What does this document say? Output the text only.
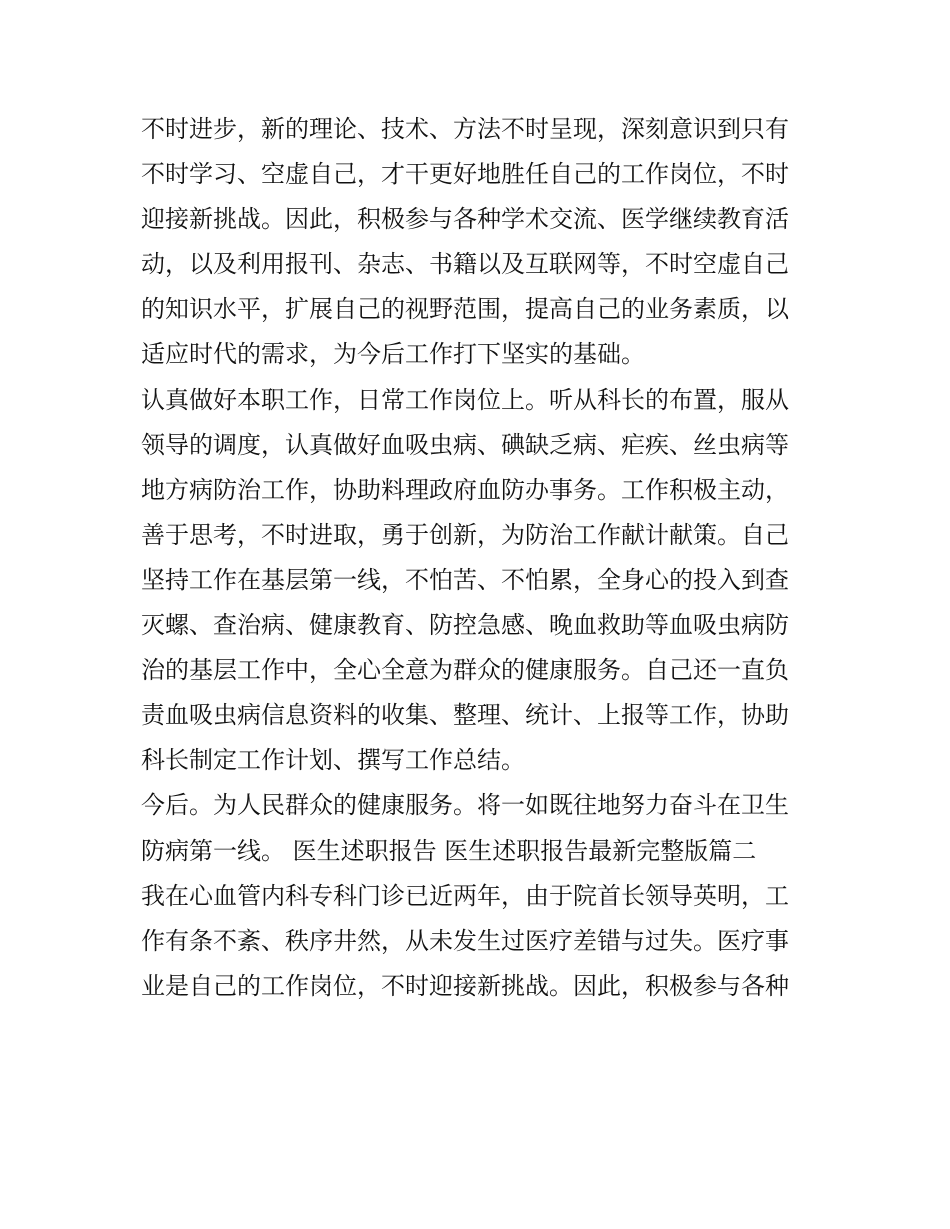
不时进步，新的理论、技术、方法不时呈现，深刻意识到只有
不时学习、空虚自己，才干更好地胜任自己的工作岗位，不时
迎接新挑战。因此，积极参与各种学术交流、医学继续教育活
动，以及利用报刊、杂志、书籍以及互联网等，不时空虚自己
的知识水平，扩展自己的视野范围，提高自己的业务素质，以
适应时代的需求，为今后工作打下坚实的基础。
认真做好本职工作，日常工作岗位上。听从科长的布置，服从
领导的调度，认真做好血吸虫病、碘缺乏病、疟疾、丝虫病等
地方病防治工作，协助料理政府血防办事务。工作积极主动，
善于思考，不时进取，勇于创新，为防治工作献计献策。自己
坚持工作在基层第一线，不怕苦、不怕累，全身心的投入到查
灭螺、查治病、健康教育、防控急感、晚血救助等血吸虫病防
治的基层工作中，全心全意为群众的健康服务。自己还一直负
责血吸虫病信息资料的收集、整理、统计、上报等工作，协助
科长制定工作计划、撰写工作总结。
今后。为人民群众的健康服务。将一如既往地努力奋斗在卫生
防病第一线。 医生述职报告 医生述职报告最新完整版篇二
我在心血管内科专科门诊已近两年，由于院首长领导英明，工
作有条不紊、秩序井然，从未发生过医疗差错与过失。医疗事
业是自己的工作岗位，不时迎接新挑战。因此，积极参与各种
